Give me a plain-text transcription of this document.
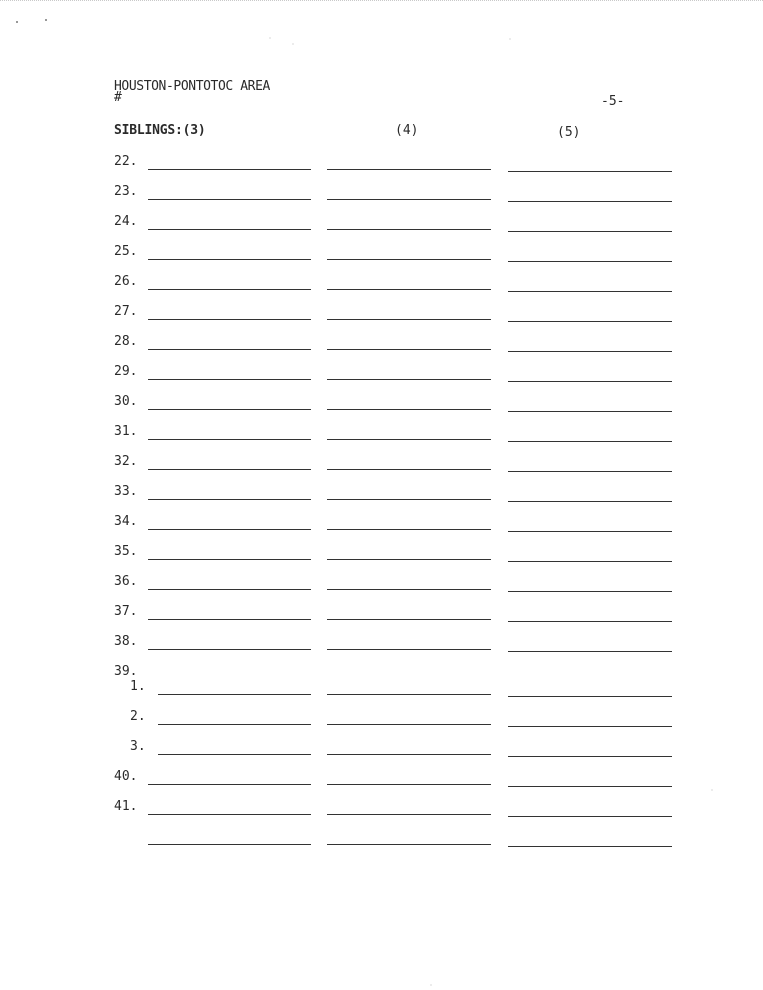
HOUSTON-PONTOTOC AREA
#	-5-
SIBLINGS:(3)	(4)	(5)
22.
23.
24.
25.
26.
27.
28.
29.
30.
31.
32.
33.
34.
35.
36.
37.
38.
39.
1.
2.
3.
40.
41.
